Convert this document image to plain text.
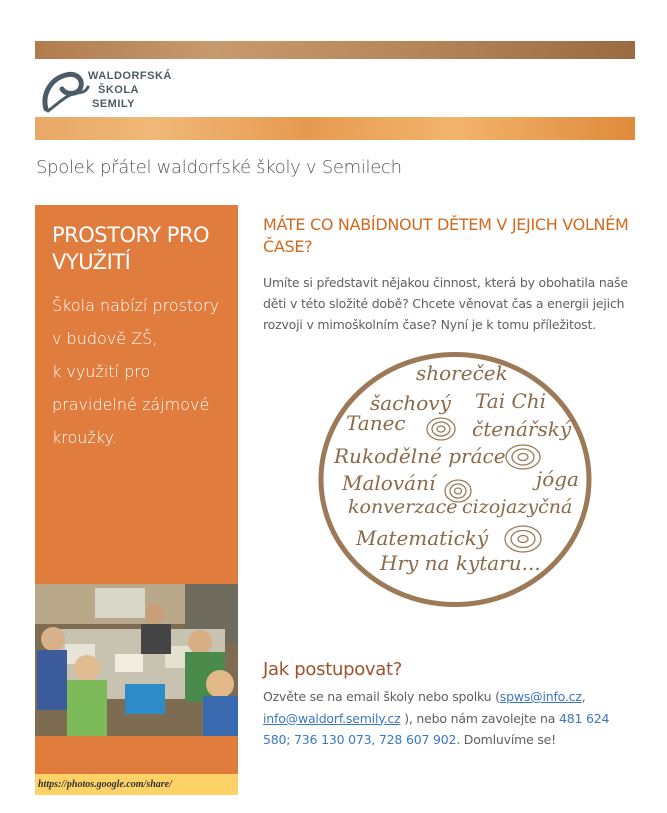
WALDORFSKÁ
ŠKOLA
SEMILY
Spolek přátel waldorfské školy v Semilech
PROSTORY PRO VYUŽITÍ
Škola nabízí prostory
v budově ZŠ,
k využití pro
pravidelné zájmové
kroužky.
https://photos.google.com/share/
MÁTE CO NABÍDNOUT DĚTEM V JEJICH VOLNÉM ČASE?
Umíte si představit nějakou činnost, která by obohatila naše děti v této složité době? Chcete věnovat čas a energii jejich rozvoji v mimoškolním čase? Nyní je k tomu příležitost.
shoreček
šachový Tai Chi
Tanec	čtenářský
Rukodělné práce
Malování	jóga
konverzace cizojazyčná
Matematický
Hry na kytaru...
Jak postupovat?
Ozvěte se na email školy nebo spolku (spws@info.cz, info@waldorf.semily.cz ), nebo nám zavolejte na 481 624 580; 736 130 073, 728 607 902. Domluvíme se!
